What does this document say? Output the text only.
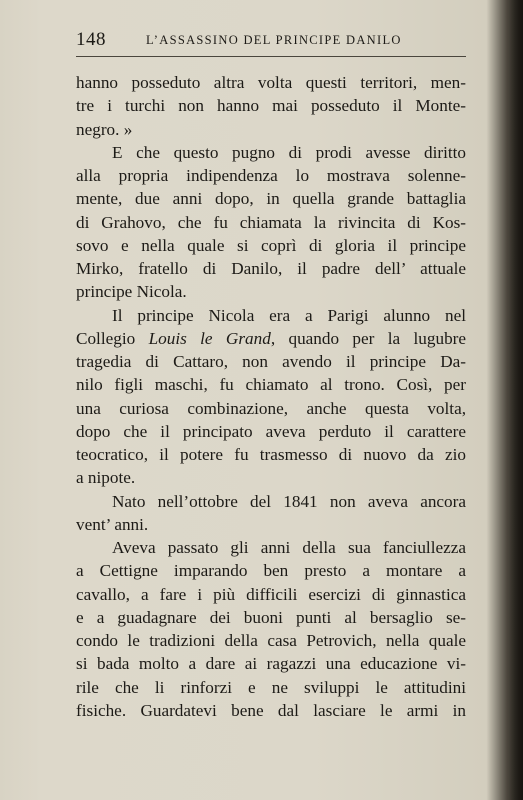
148	L’ASSASSINO DEL PRINCIPE DANILO
hanno posseduto altra volta questi territori, men-
tre i turchi non hanno mai posseduto il Monte-
negro. »
E che questo pugno di prodi avesse diritto
alla propria indipendenza lo mostrava solenne-
mente, due anni dopo, in quella grande battaglia
di Grahovo, che fu chiamata la rivincita di Kos-
sovo e nella quale si coprì di gloria il principe
Mirko, fratello di Danilo, il padre dell’ attuale
principe Nicola.
Il principe Nicola era a Parigi alunno nel
Collegio Louis le Grand, quando per la lugubre
tragedia di Cattaro, non avendo il principe Da-
nilo figli maschi, fu chiamato al trono. Così, per
una curiosa combinazione, anche questa volta,
dopo che il principato aveva perduto il carattere
teocratico, il potere fu trasmesso di nuovo da zio
a nipote.
Nato nell’ottobre del 1841 non aveva ancora
vent’ anni.
Aveva passato gli anni della sua fanciullezza
a Cettigne imparando ben presto a montare a
cavallo, a fare i più difficili esercizi di ginnastica
e a guadagnare dei buoni punti al bersaglio se-
condo le tradizioni della casa Petrovich, nella quale
si bada molto a dare ai ragazzi una educazione vi-
rile che li rinforzi e ne sviluppi le attitudini
fisiche. Guardatevi bene dal lasciare le armi in
